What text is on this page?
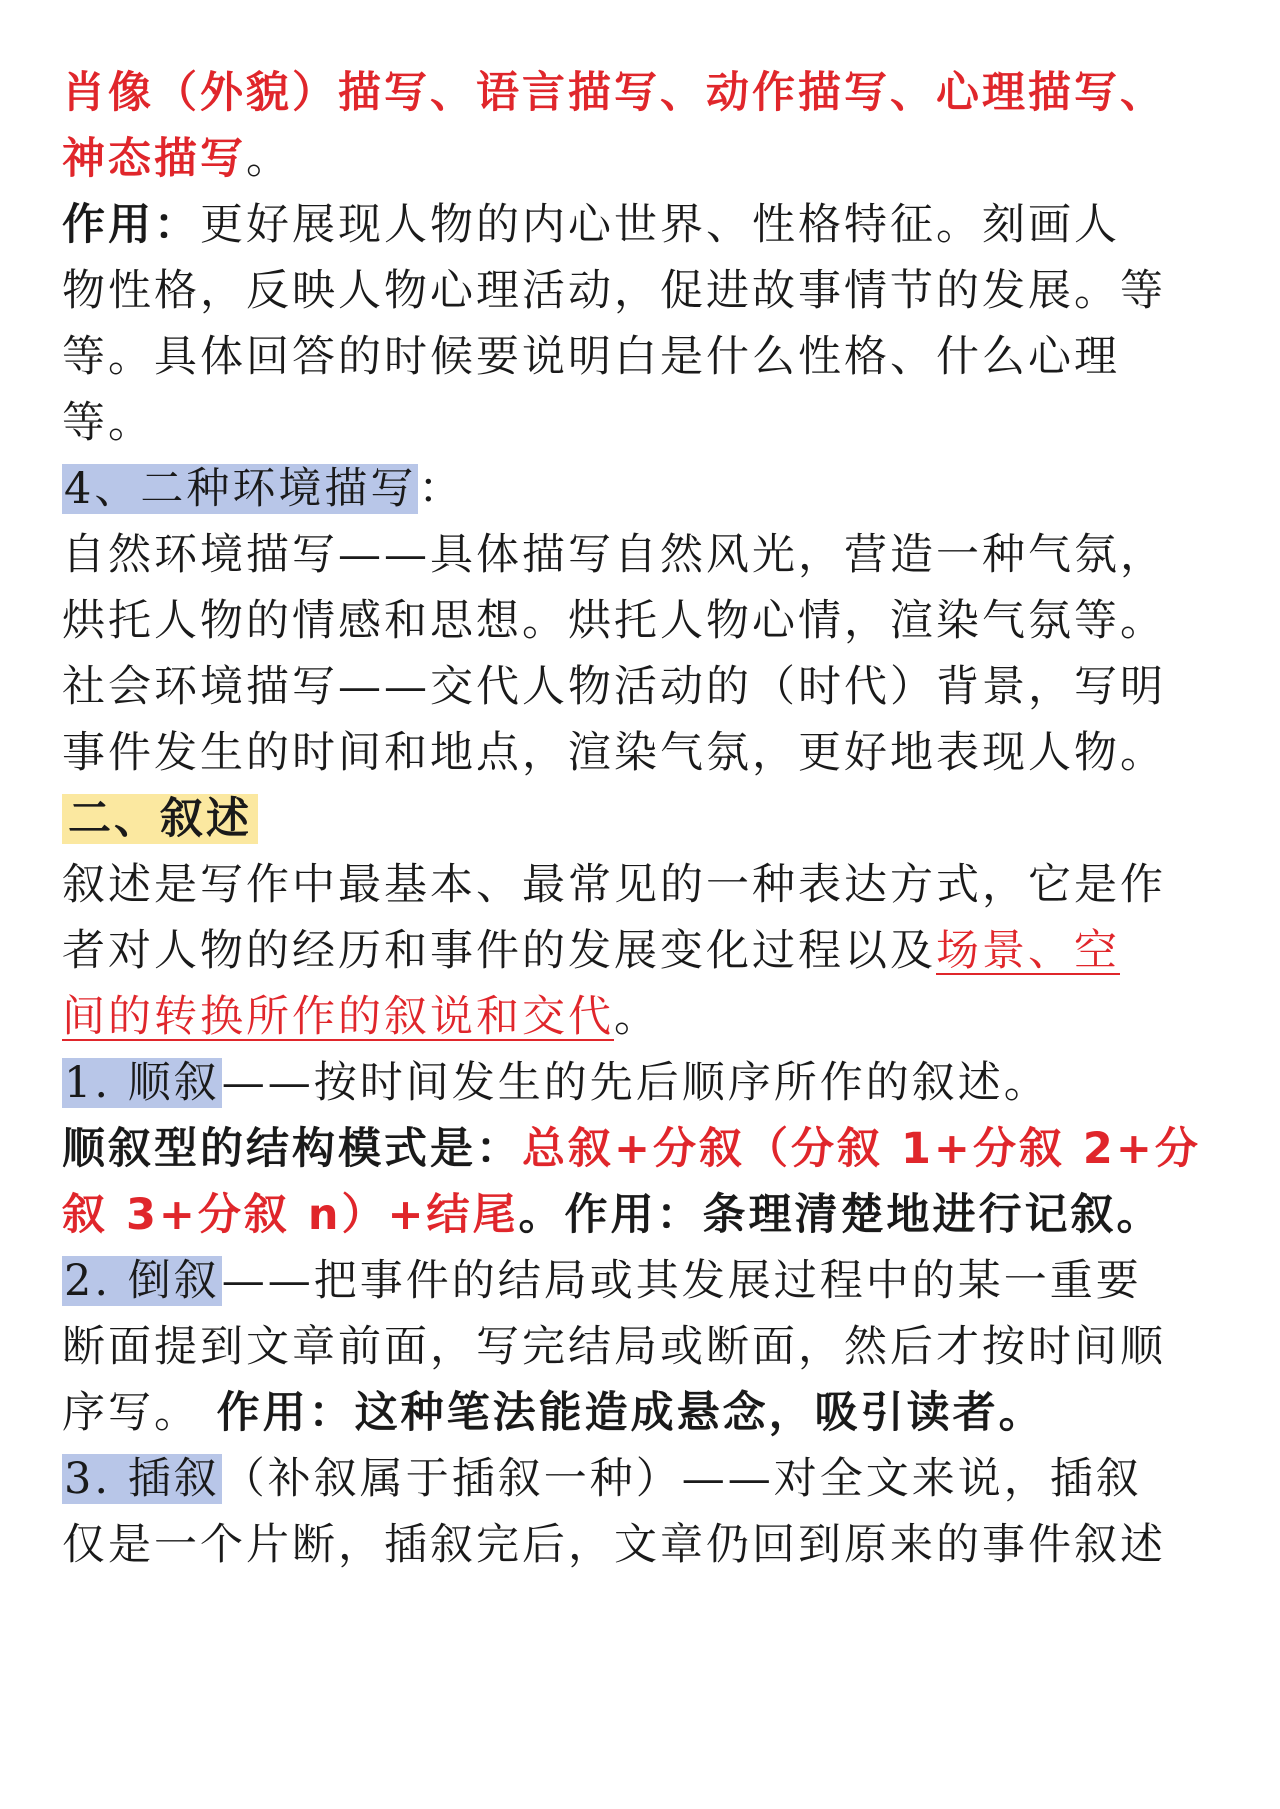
肖像（外貌）描写、语言描写、动作描写、心理描写、
神态描写。
作用：更好展现人物的内心世界、性格特征。刻画人
物性格，反映人物心理活动，促进故事情节的发展。等
等。具体回答的时候要说明白是什么性格、什么心理
等。
4、二种环境描写：
自然环境描写——具体描写自然风光，营造一种气氛，
烘托人物的情感和思想。烘托人物心情，渲染气氛等。
社会环境描写——交代人物活动的（时代）背景，写明
事件发生的时间和地点，渲染气氛，更好地表现人物。
二、叙述
叙述是写作中最基本、最常见的一种表达方式，它是作
者对人物的经历和事件的发展变化过程以及场景、空
间的转换所作的叙说和交代。
1. 顺叙——按时间发生的先后顺序所作的叙述。
顺叙型的结构模式是：总叙+分叙（分叙 1+分叙 2+分
叙 3+分叙 n）+结尾。作用：条理清楚地进行记叙。
2. 倒叙——把事件的结局或其发展过程中的某一重要
断面提到文章前面，写完结局或断面，然后才按时间顺
序写。 作用：这种笔法能造成悬念，吸引读者。
3. 插叙（补叙属于插叙一种）——对全文来说，插叙
仅是一个片断，插叙完后，文章仍回到原来的事件叙述
